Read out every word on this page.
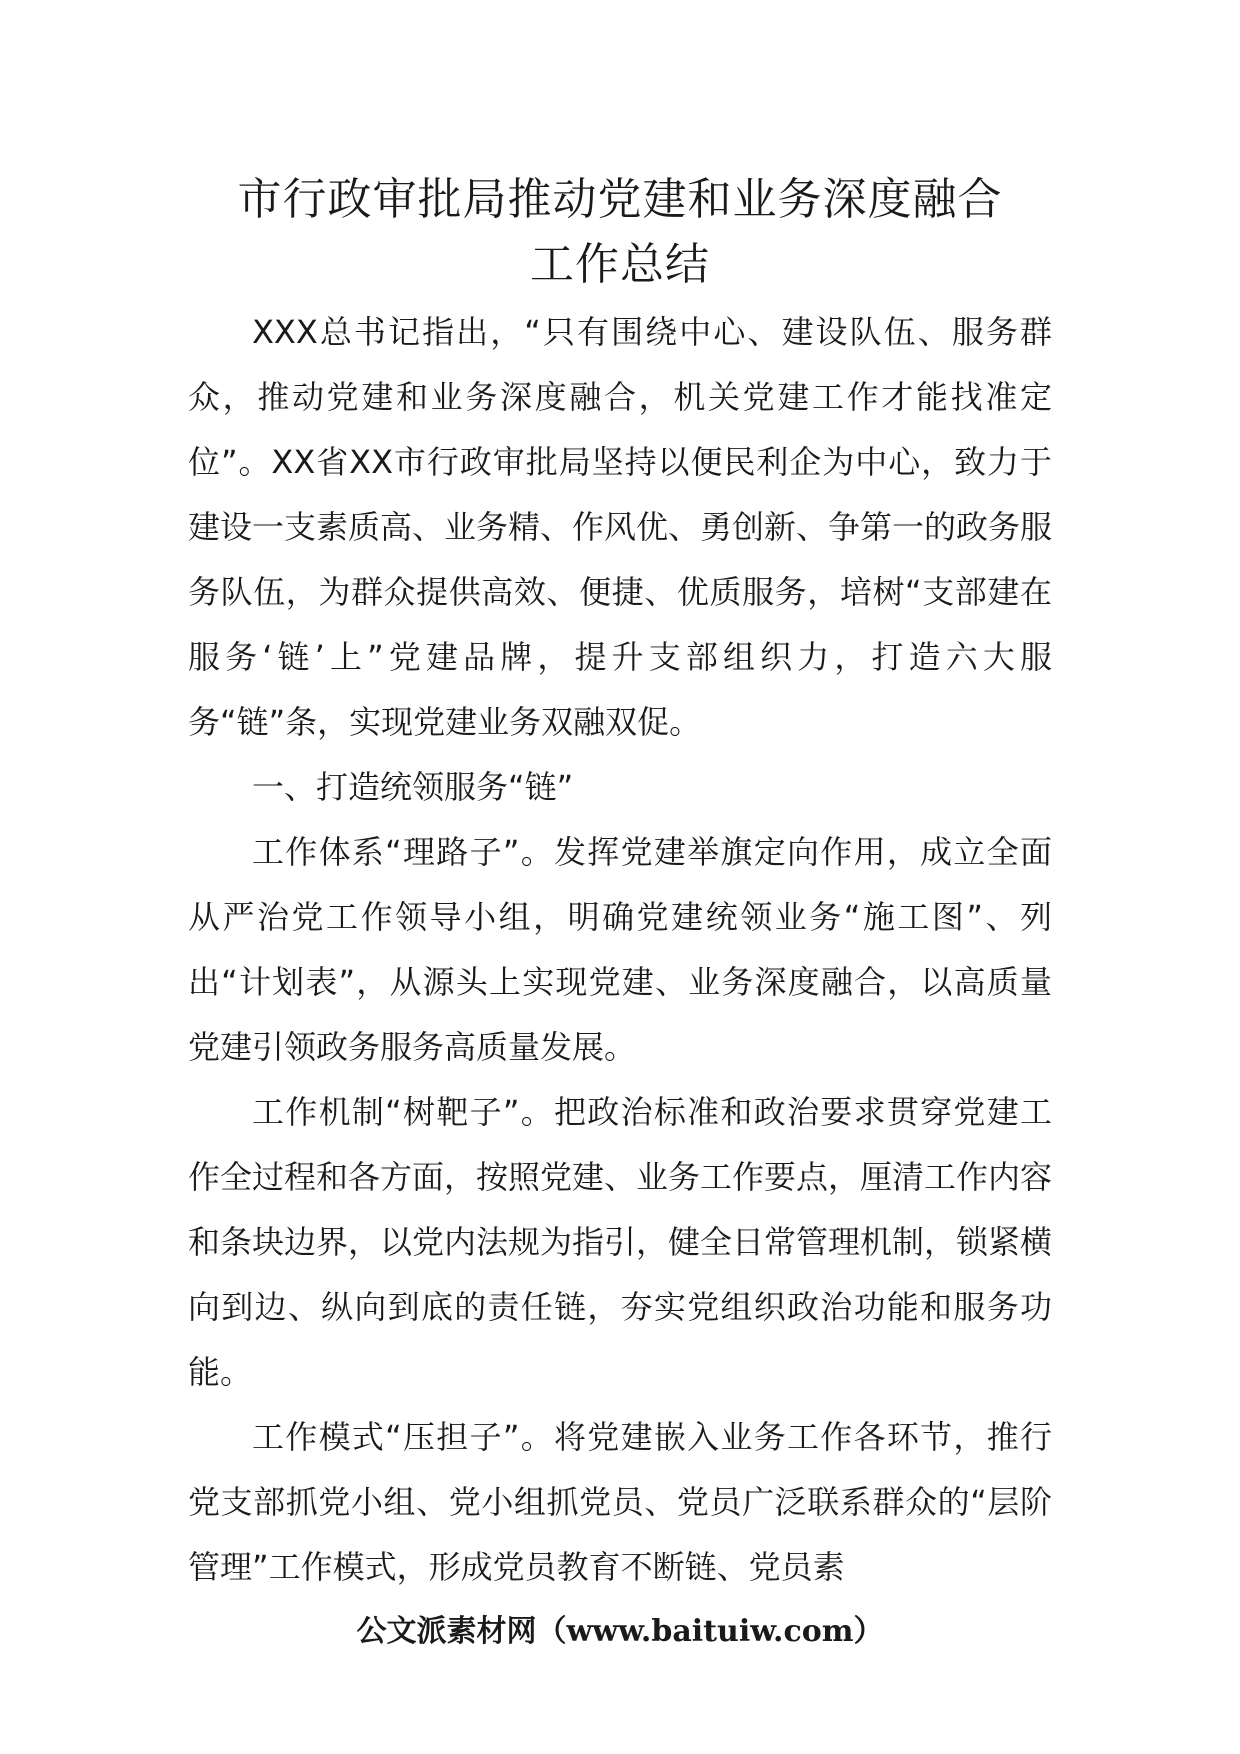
市行政审批局推动党建和业务深度融合
工作总结

XXX总书记指出，“只有围绕中心、建设队伍、服务群众，推动党建和业务深度融合，机关党建工作才能找准定位”。XX省XX市行政审批局坚持以便民利企为中心，致力于建设一支素质高、业务精、作风优、勇创新、争第一的政务服务队伍，为群众提供高效、便捷、优质服务，培树“支部建在服务‘链’上”党建品牌，提升支部组织力，打造六大服务“链”条，实现党建业务双融双促。

一、打造统领服务“链”

工作体系“理路子”。发挥党建举旗定向作用，成立全面从严治党工作领导小组，明确党建统领业务“施工图”、列出“计划表”，从源头上实现党建、业务深度融合，以高质量党建引领政务服务高质量发展。

工作机制“树靶子”。把政治标准和政治要求贯穿党建工作全过程和各方面，按照党建、业务工作要点，厘清工作内容和条块边界，以党内法规为指引，健全日常管理机制，锁紧横向到边、纵向到底的责任链，夯实党组织政治功能和服务功能。

工作模式“压担子”。将党建嵌入业务工作各环节，推行党支部抓党小组、党小组抓党员、党员广泛联系群众的“层阶管理”工作模式，形成党员教育不断链、党员素

公文派素材网（www.baituiw.com）
